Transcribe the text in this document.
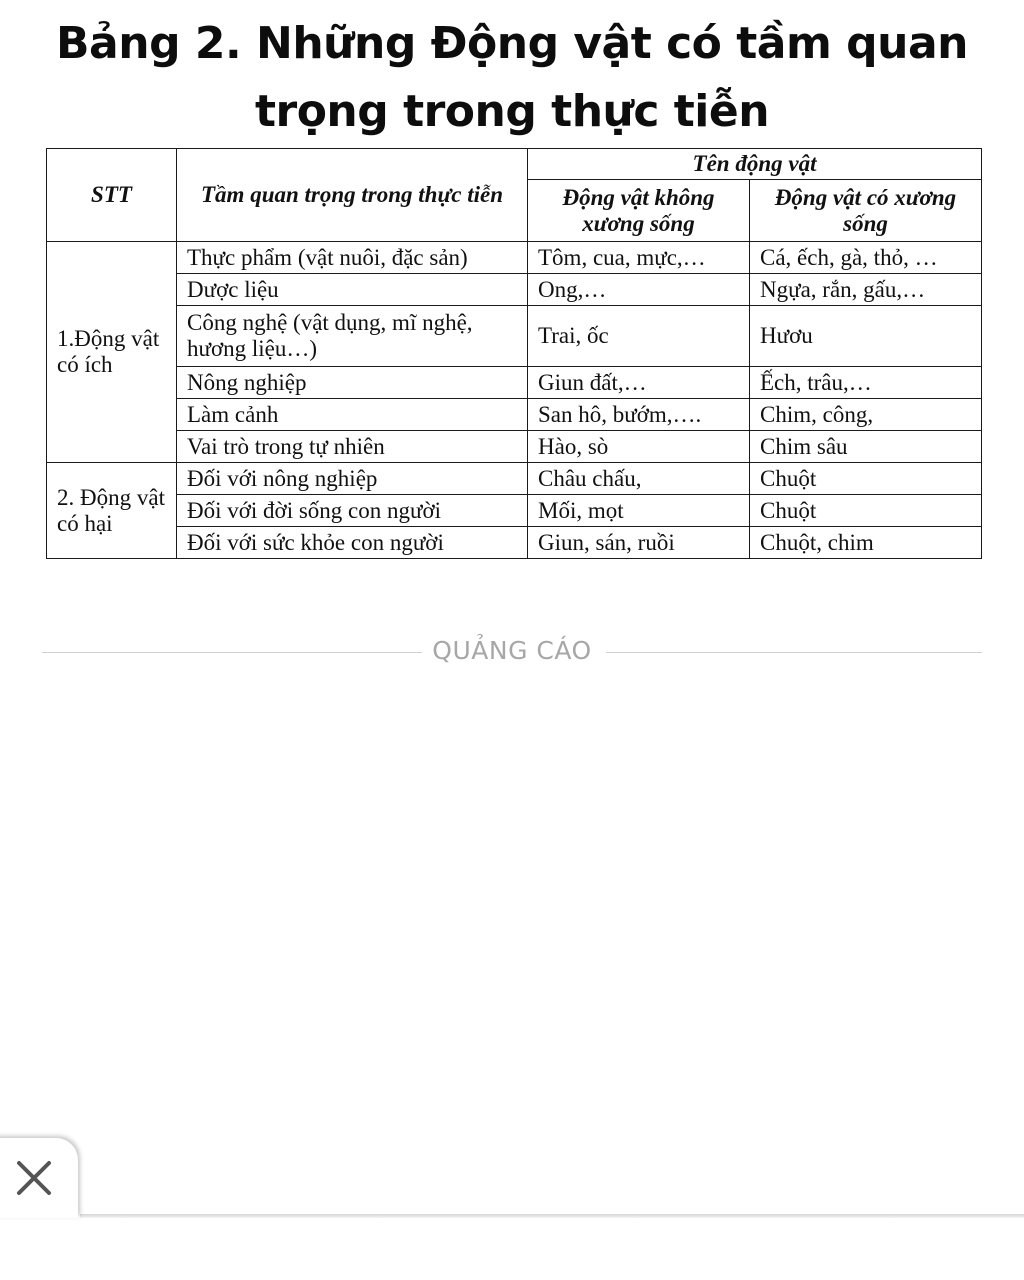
Bảng 2. Những Động vật có tầm quan trọng trong thực tiễn
STT	Tầm quan trọng trong thực tiễn	Tên động vật	
		Động vật không xương sống	Động vật có xương sống
1.Động vật có ích	Thực phẩm (vật nuôi, đặc sản)	Tôm, cua, mực,…	Cá, ếch, gà, thỏ, …
	Dược liệu	Ong,…	Ngựa, rắn, gấu,…
	Công nghệ (vật dụng, mĩ nghệ, hương liệu…)	Trai, ốc	Hươu
	Nông nghiệp	Giun đất,…	Ếch, trâu,…
	Làm cảnh	San hô, bướm,….	Chim, công,
	Vai trò trong tự nhiên	Hào, sò	Chim sâu
2. Động vật có hại	Đối với nông nghiệp	Châu chấu,	Chuột
	Đối với đời sống con người	Mối, mọt	Chuột
	Đối với sức khỏe con người	Giun, sán, ruồi	Chuột, chim
QUẢNG CÁO
